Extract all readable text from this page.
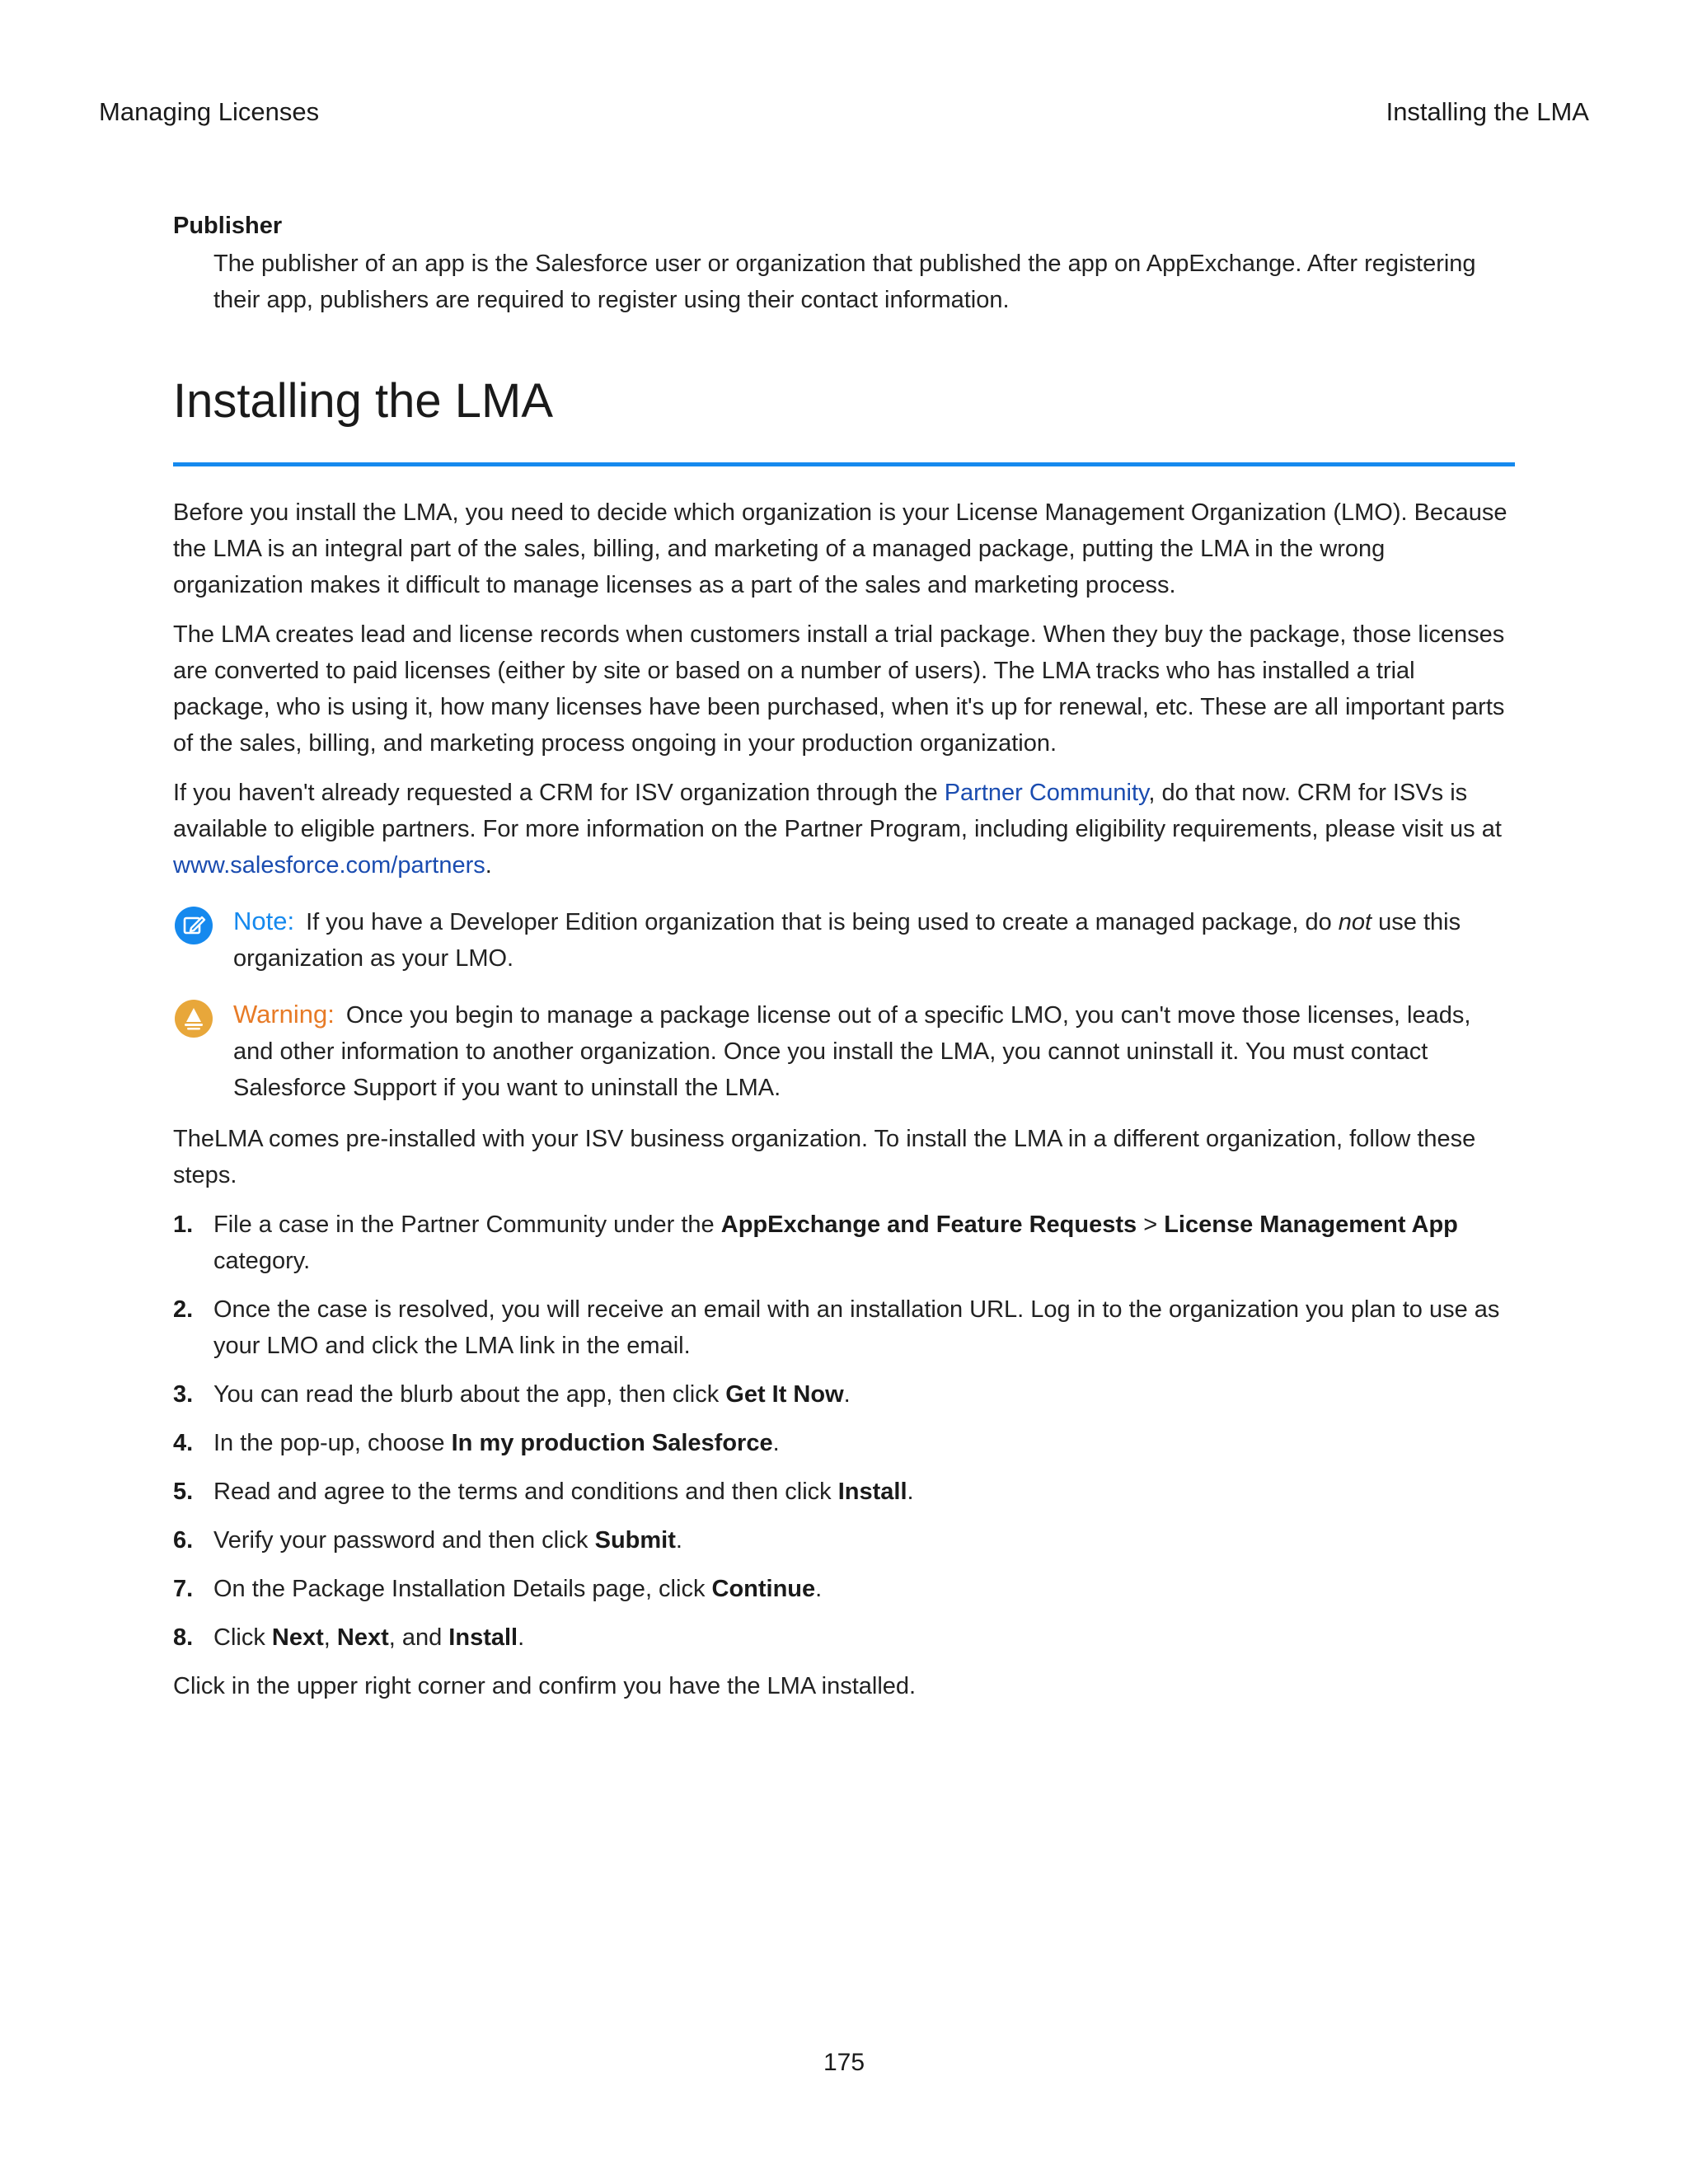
Managing Licenses	Installing the LMA
Publisher
The publisher of an app is the Salesforce user or organization that published the app on AppExchange. After registering their app, publishers are required to register using their contact information.
Installing the LMA

Before you install the LMA, you need to decide which organization is your License Management Organization (LMO). Because the LMA is an integral part of the sales, billing, and marketing of a managed package, putting the LMA in the wrong organization makes it difficult to manage licenses as a part of the sales and marketing process.

The LMA creates lead and license records when customers install a trial package. When they buy the package, those licenses are converted to paid licenses (either by site or based on a number of users). The LMA tracks who has installed a trial package, who is using it, how many licenses have been purchased, when it's up for renewal, etc. These are all important parts of the sales, billing, and marketing process ongoing in your production organization.

If you haven't already requested a CRM for ISV organization through the Partner Community, do that now. CRM for ISVs is available to eligible partners. For more information on the Partner Program, including eligibility requirements, please visit us at www.salesforce.com/partners.

Note: If you have a Developer Edition organization that is being used to create a managed package, do not use this organization as your LMO.
Warning: Once you begin to manage a package license out of a specific LMO, you can't move those licenses, leads, and other information to another organization. Once you install the LMA, you cannot uninstall it. You must contact Salesforce Support if you want to uninstall the LMA.

TheLMA comes pre-installed with your ISV business organization. To install the LMA in a different organization, follow these steps.

1. File a case in the Partner Community under the AppExchange and Feature Requests > License Management App category.
2. Once the case is resolved, you will receive an email with an installation URL. Log in to the organization you plan to use as your LMO and click the LMA link in the email.
3. You can read the blurb about the app, then click Get It Now.
4. In the pop-up, choose In my production Salesforce.
5. Read and agree to the terms and conditions and then click Install.
6. Verify your password and then click Submit.
7. On the Package Installation Details page, click Continue.
8. Click Next, Next, and Install.

Click in the upper right corner and confirm you have the LMA installed.

175
